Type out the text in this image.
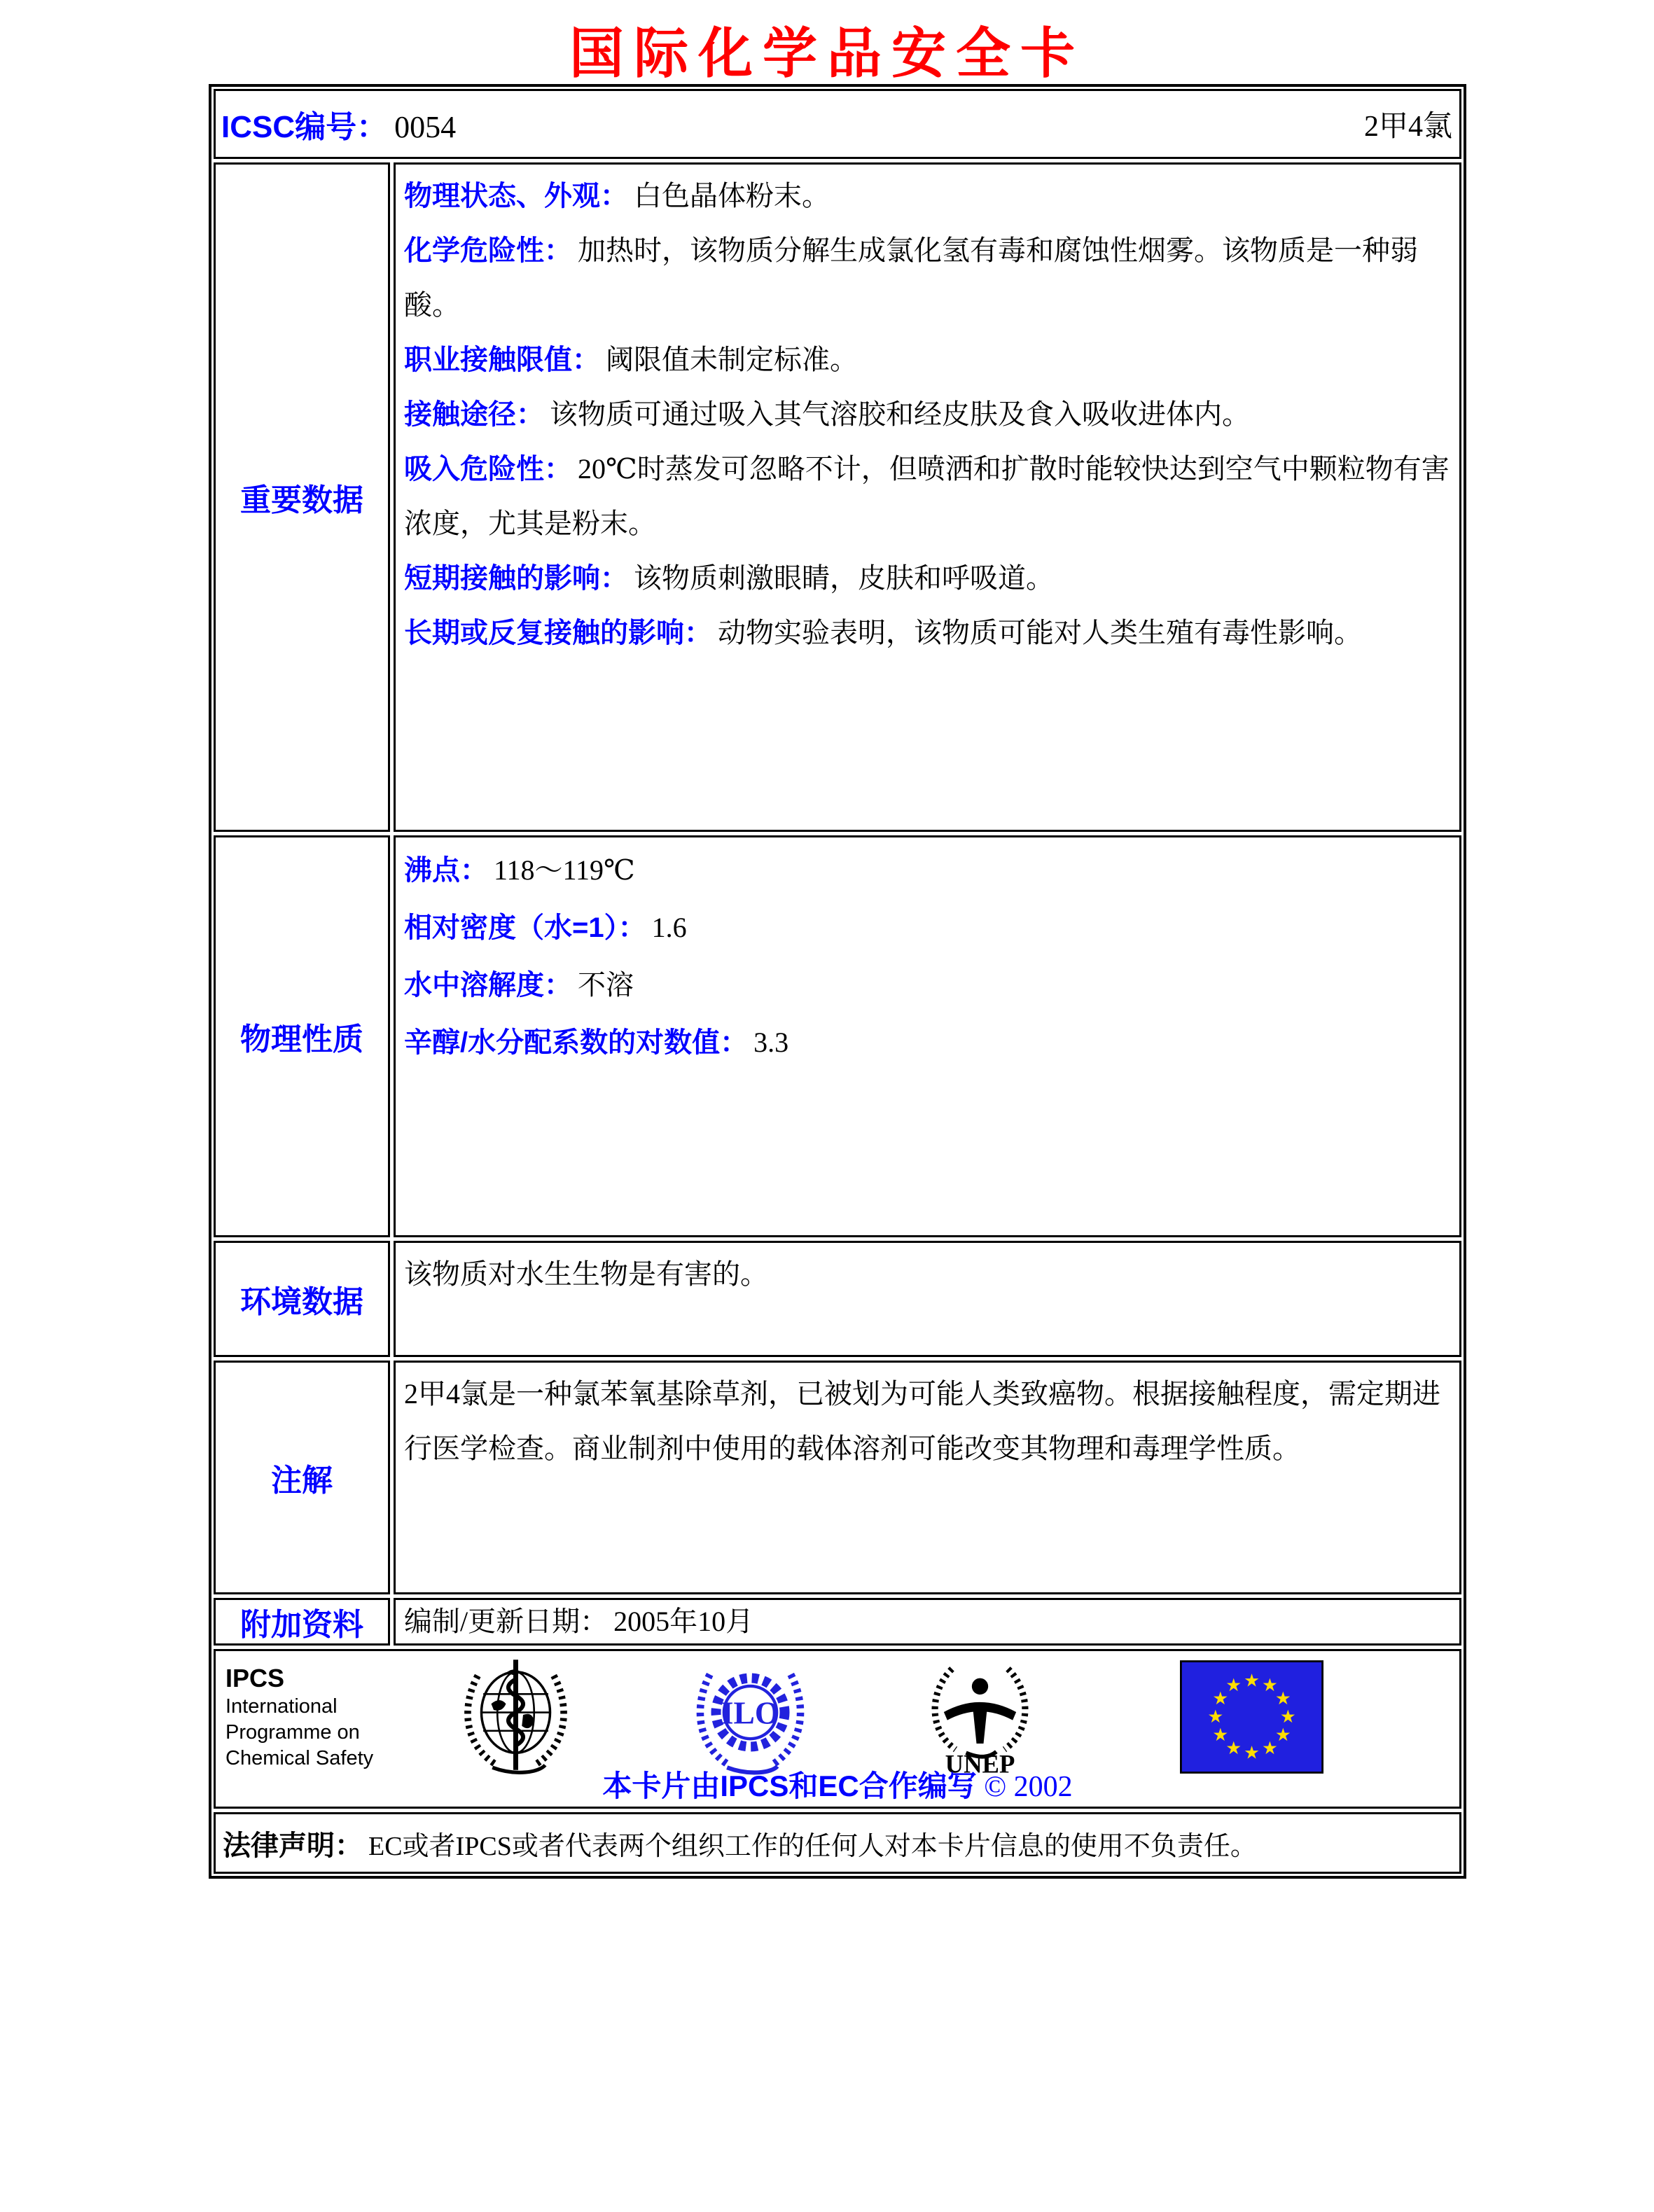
国际化学品安全卡
ICSC编号： 0054	2甲4氯
重要数据

物理状态、外观： 白色晶体粉末。

化学危险性： 加热时，该物质分解生成氯化氢有毒和腐蚀性烟雾。该物质是一种弱酸。

职业接触限值： 阈限值未制定标准。

接触途径： 该物质可通过吸入其气溶胶和经皮肤及食入吸收进体内。

吸入危险性： 20℃时蒸发可忽略不计，但喷洒和扩散时能较快达到空气中颗粒物有害浓度，尤其是粉末。

短期接触的影响： 该物质刺激眼睛，皮肤和呼吸道。

长期或反复接触的影响： 动物实验表明，该物质可能对人类生殖有毒性影响。

物理性质

沸点： 118～119℃

相对密度（水=1）： 1.6

水中溶解度： 不溶

辛醇/水分配系数的对数值： 3.3

环境数据

该物质对水生生物是有害的。

注解

2甲4氯是一种氯苯氧基除草剂，已被划为可能人类致癌物。根据接触程度，需定期进行医学检查。商业制剂中使用的载体溶剂可能改变其物理和毒理学性质。

附加资料 编制/更新日期： 2005年10月

IPCS
International
Programme on
Chemical Safety
ILO
UNEP
★ ★
★
★
★
★
★
★
★
★
★
★
本卡片由IPCS和EC合作编写 © 2002
法律声明： EC或者IPCS或者代表两个组织工作的任何人对本卡片信息的使用不负责任。
